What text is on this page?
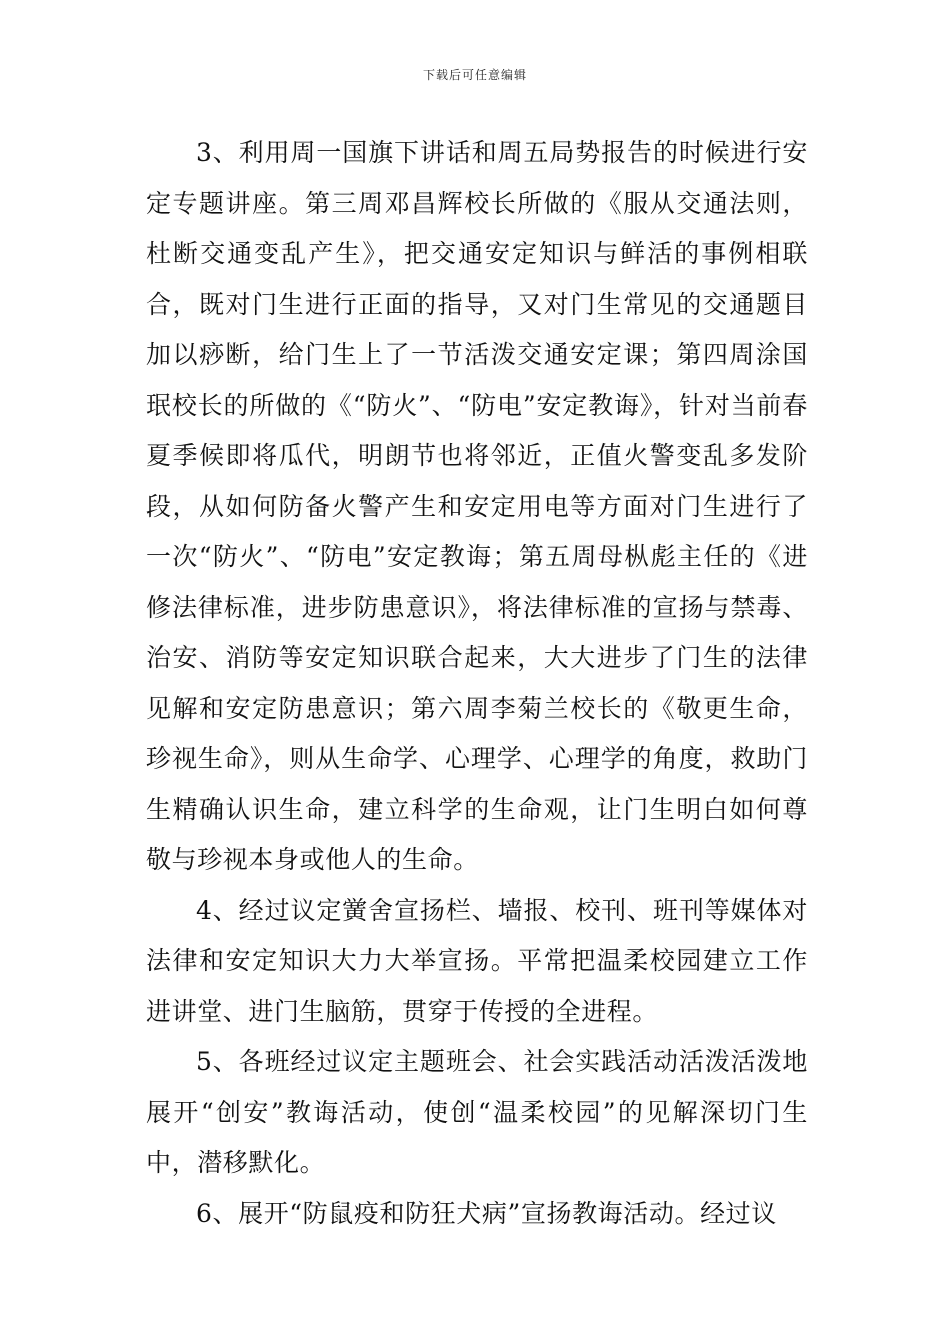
下载后可任意编辑

3、利用周一国旗下讲话和周五局势报告的时候进行安定专题讲座。第三周邓昌辉校长所做的《服从交通法则，杜断交通变乱产生》，把交通安定知识与鲜活的事例相联合，既对门生进行正面的指导，又对门生常见的交通题目加以痧断，给门生上了一节活泼交通安定课；第四周涂国珉校长的所做的《“防火”、“防电”安定教诲》，针对当前春夏季候即将瓜代，明朗节也将邻近，正值火警变乱多发阶段，从如何防备火警产生和安定用电等方面对门生进行了一次“防火”、“防电”安定教诲；第五周母枞彪主任的《进修法律标准，进步防患意识》，将法律标准的宣扬与禁毒、治安、消防等安定知识联合起来，大大进步了门生的法律见解和安定防患意识；第六周李菊兰校长的《敬更生命，珍视生命》，则从生命学、心理学、心理学的角度，救助门生精确认识生命，建立科学的生命观，让门生明白如何尊敬与珍视本身或他人的生命。

4、经过议定黉舍宣扬栏、墙报、校刊、班刊等媒体对法律和安定知识大力大举宣扬。平常把温柔校园建立工作进讲堂、进门生脑筋，贯穿于传授的全进程。

5、各班经过议定主题班会、社会实践活动活泼活泼地展开“创安”教诲活动，使创“温柔校园”的见解深切门生中，潜移默化。

6、展开“防鼠疫和防狂犬病”宣扬教诲活动。经过议
